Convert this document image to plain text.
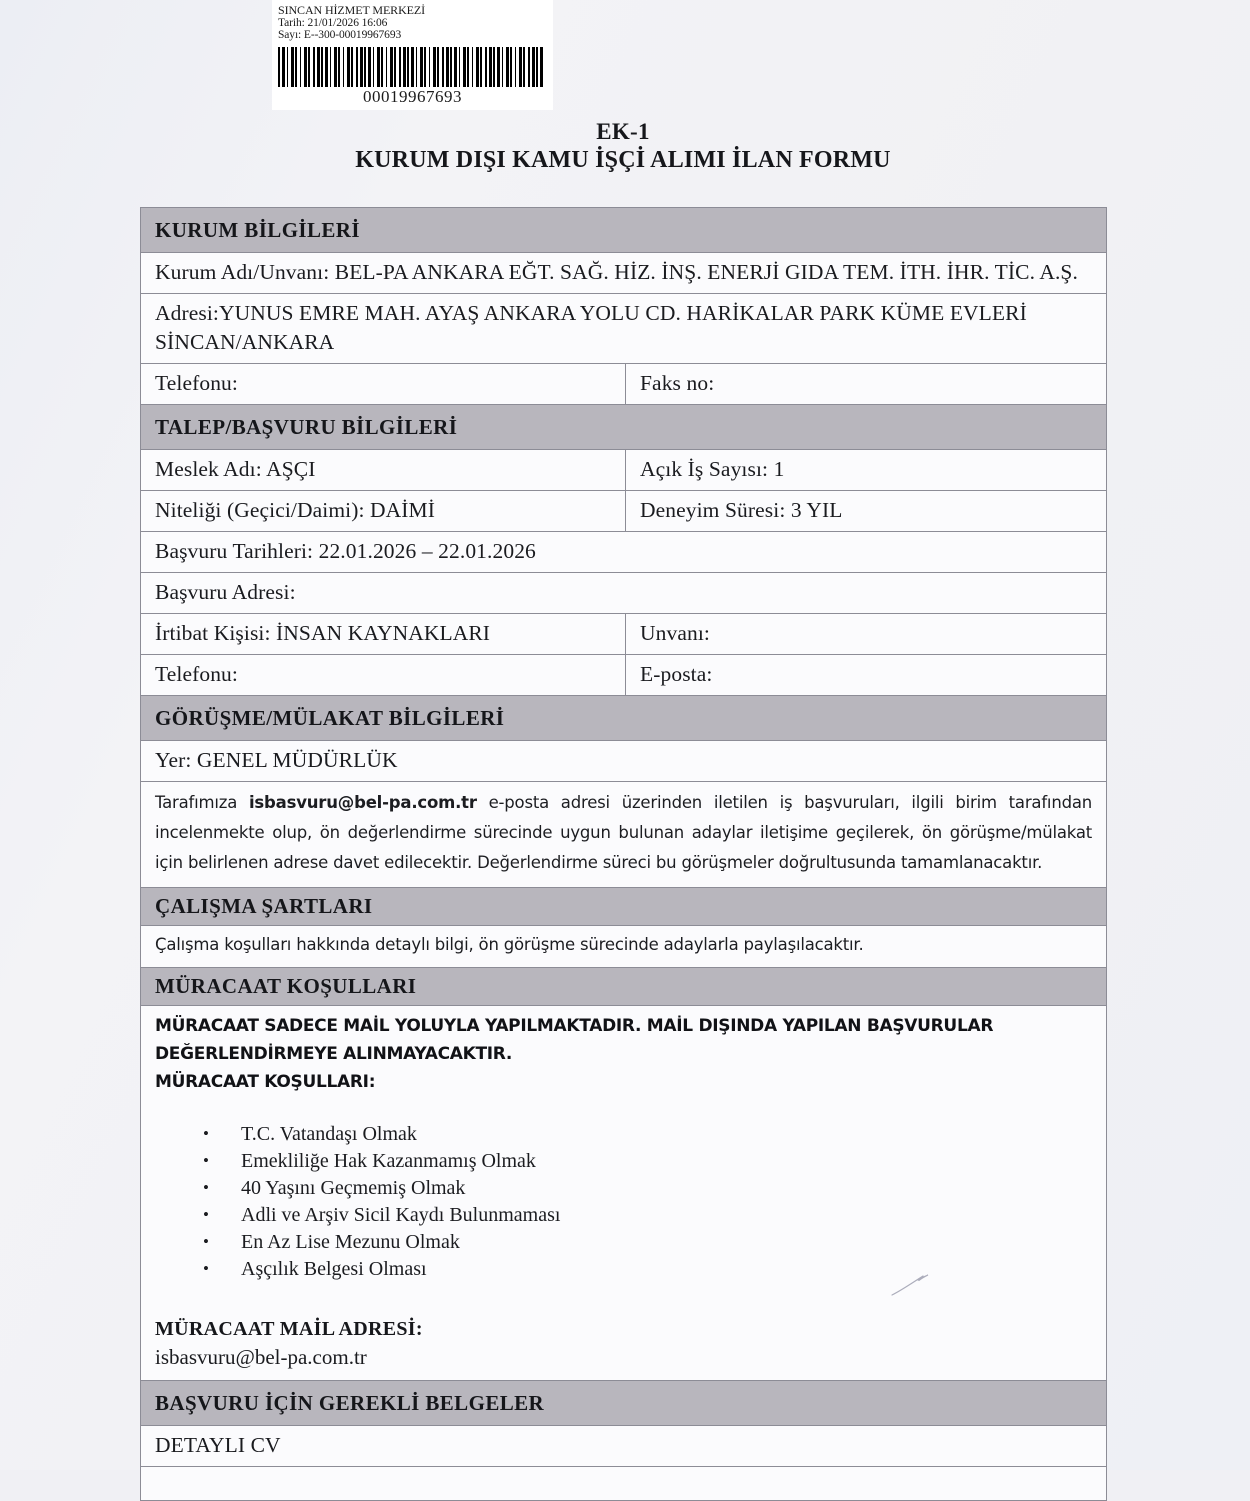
SINCAN HİZMET MERKEZİ
Tarih: 21/01/2026 16:06
Sayı: E--300-00019967693
00019967693
EK-1
KURUM DIŞI KAMU İŞÇİ ALIMI İLAN FORMU
KURUM BİLGİLERİ	

Kurum Adı/Unvanı: BEL-PA ANKARA EĞT. SAĞ. HİZ. İNŞ. ENERJİ GIDA TEM. İTH. İHR. TİC. A.Ş.	

Adresi:YUNUS EMRE MAH. AYAŞ ANKARA YOLU CD. HARİKALAR PARK KÜME EVLERİ SİNCAN/ANKARA	

Telefonu:	Faks no:

TALEP/BAŞVURU BİLGİLERİ	

Meslek Adı: AŞÇI	Açık İş Sayısı: 1

Niteliği (Geçici/Daimi): DAİMİ	Deneyim Süresi: 3 YIL

Başvuru Tarihleri: 22.01.2026 – 22.01.2026	

Başvuru Adresi:	

İrtibat Kişisi: İNSAN KAYNAKLARI	Unvanı:

Telefonu:	E-posta:

GÖRÜŞME/MÜLAKAT BİLGİLERİ	

Yer: GENEL MÜDÜRLÜK	

Tarafımıza isbasvuru@bel-pa.com.tr e-posta adresi üzerinden iletilen iş başvuruları, ilgili birim tarafından incelenmekte olup, ön değerlendirme sürecinde uygun bulunan adaylar iletişime geçilerek, ön görüşme/mülakat için belirlenen adrese davet edilecektir. Değerlendirme süreci bu görüşmeler doğrultusunda tamamlanacaktır.	

ÇALIŞMA ŞARTLARI	

Çalışma koşulları hakkında detaylı bilgi, ön görüşme sürecinde adaylarla paylaşılacaktır.	

MÜRACAAT KOŞULLARI	

MÜRACAAT SADECE MAİL YOLUYLA YAPILMAKTADIR. MAİL DIŞINDA YAPILAN BAŞVURULAR
DEĞERLENDİRMEYE ALINMAYACAKTIR.
MÜRACAAT KOŞULLARI:
• T.C. Vatandaşı Olmak
• Emekliliğe Hak Kazanmamış Olmak
• 40 Yaşını Geçmemiş Olmak
• Adli ve Arşiv Sicil Kaydı Bulunmaması
• En Az Lise Mezunu Olmak
• Aşçılık Belgesi Olması
MÜRACAAT MAİL ADRESİ:
isbasvuru@bel-pa.com.tr

BAŞVURU İÇİN GEREKLİ BELGELER	

DETAYLI CV	
